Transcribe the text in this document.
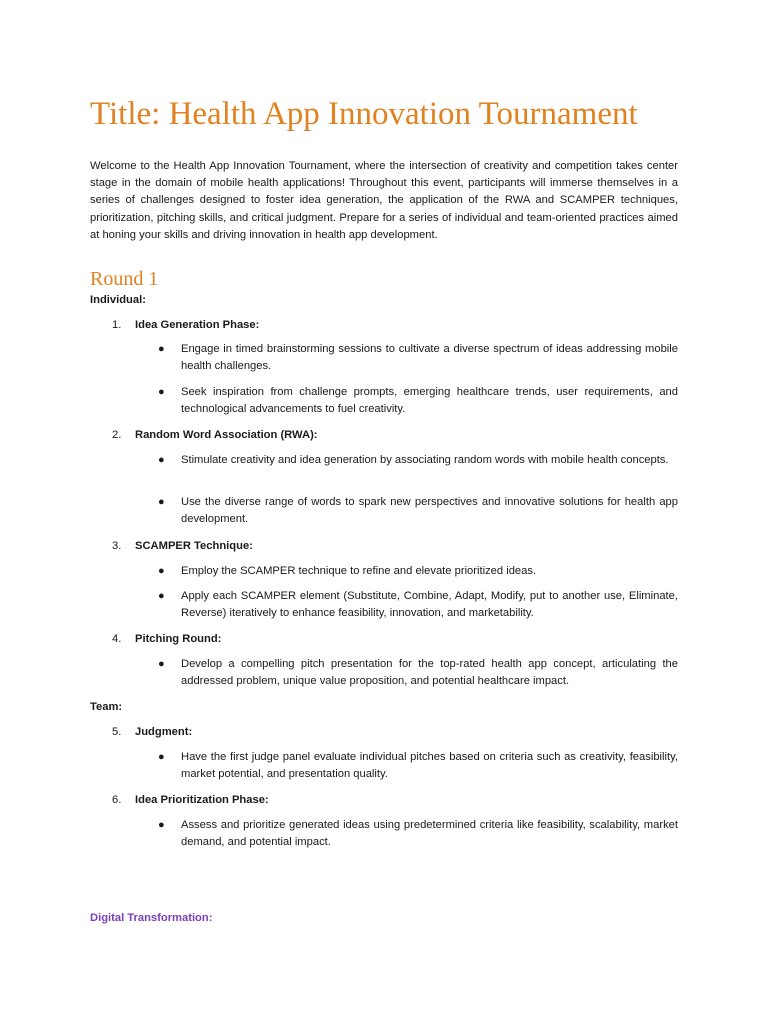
Title: Health App Innovation Tournament

Welcome to the Health App Innovation Tournament, where the intersection of creativity and competition takes center stage in the domain of mobile health applications! Throughout this event, participants will immerse themselves in a series of challenges designed to foster idea generation, the application of the RWA and SCAMPER techniques, prioritization, pitching skills, and critical judgment. Prepare for a series of individual and team-oriented practices aimed at honing your skills and driving innovation in health app development.

Round 1

Individual:

1. Idea Generation Phase:

● Engage in timed brainstorming sessions to cultivate a diverse spectrum of ideas addressing mobile health challenges.
● Seek inspiration from challenge prompts, emerging healthcare trends, user requirements, and technological advancements to fuel creativity.

2. Random Word Association (RWA):

● Stimulate creativity and idea generation by associating random words with mobile health concepts.
● Use the diverse range of words to spark new perspectives and innovative solutions for health app development.

3. SCAMPER Technique:

● Employ the SCAMPER technique to refine and elevate prioritized ideas.
● Apply each SCAMPER element (Substitute, Combine, Adapt, Modify, put to another use, Eliminate, Reverse) iteratively to enhance feasibility, innovation, and marketability.

4. Pitching Round:

● Develop a compelling pitch presentation for the top-rated health app concept, articulating the addressed problem, unique value proposition, and potential healthcare impact.

Team:

5. Judgment:

● Have the first judge panel evaluate individual pitches based on criteria such as creativity, feasibility, market potential, and presentation quality.

6. Idea Prioritization Phase:

● Assess and prioritize generated ideas using predetermined criteria like feasibility, scalability, market demand, and potential impact.

Digital Transformation:
